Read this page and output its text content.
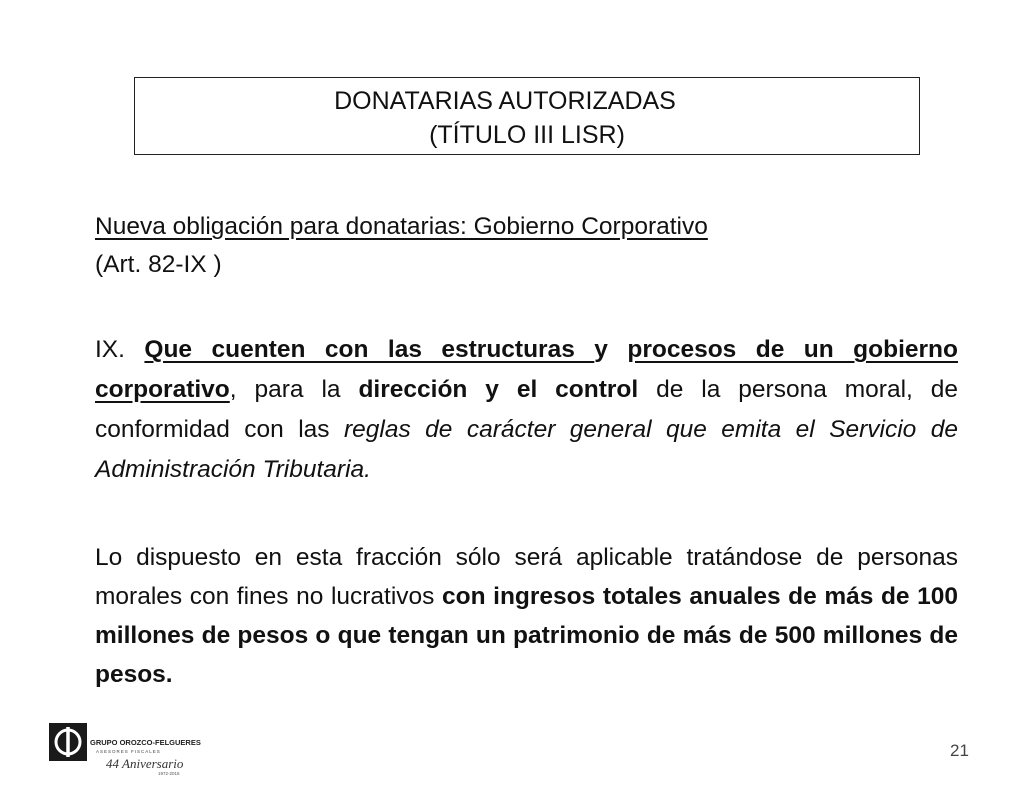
DONATARIAS AUTORIZADAS
(TÍTULO III LISR)
Nueva obligación para donatarias: Gobierno Corporativo
(Art. 82-IX )
IX. Que cuenten con las estructuras y procesos de un gobierno corporativo, para la dirección y el control de la persona moral, de conformidad con las reglas de carácter general que emita el Servicio de Administración Tributaria.
Lo dispuesto en esta fracción sólo será aplicable tratándose de personas morales con fines no lucrativos con ingresos totales anuales de más de 100 millones de pesos o que tengan un patrimonio de más de 500 millones de pesos.
GRUPO OROZCO-FELGUERES
ASESORES FISCALES
44 Aniversario
1972-2016
21
